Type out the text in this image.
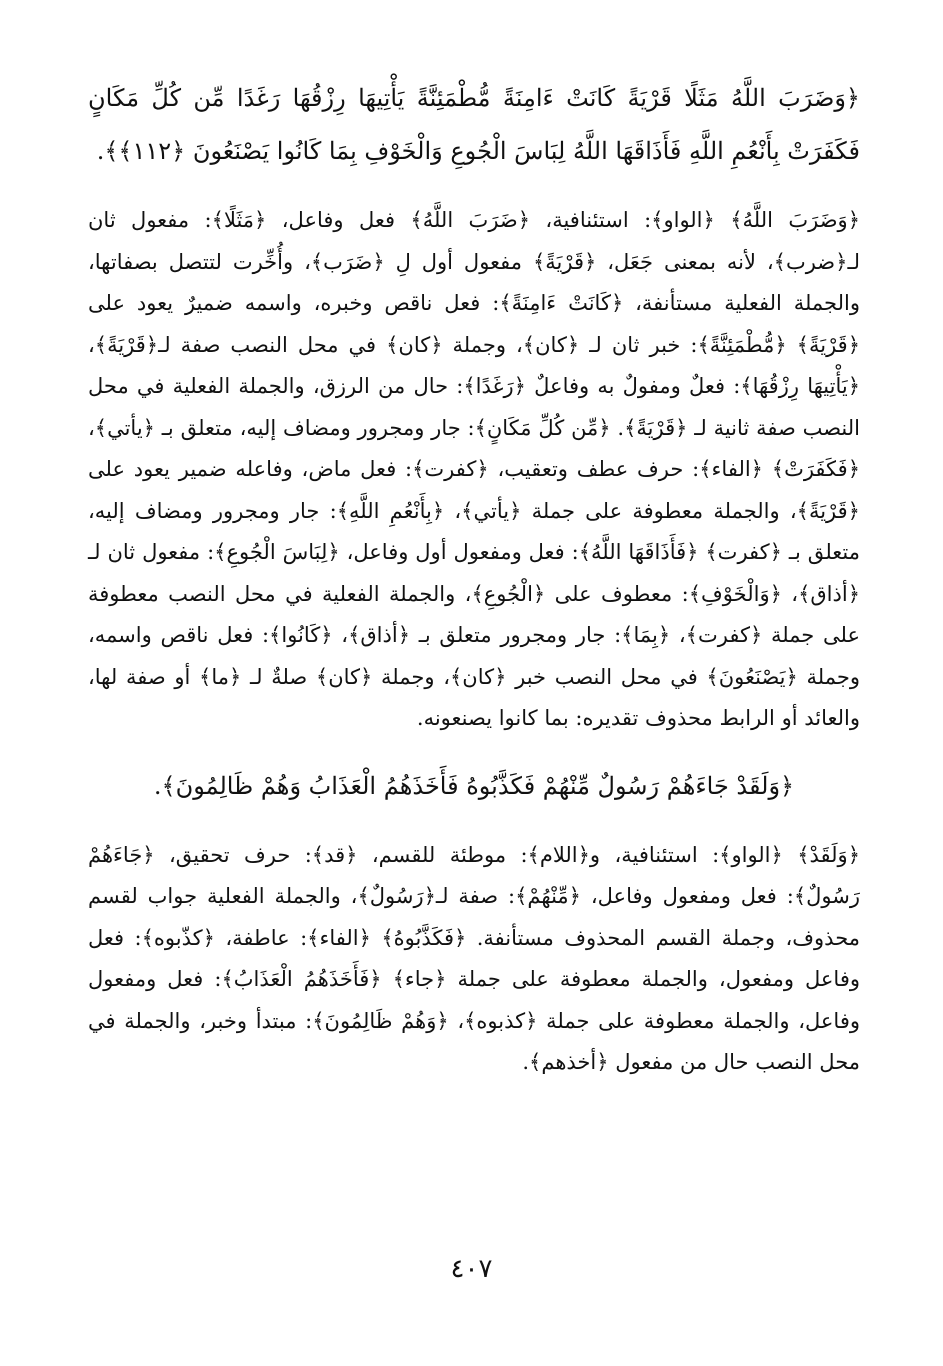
﴿وَضَرَبَ اللَّهُ مَثَلًا قَرْيَةً كَانَتْ ءَامِنَةً مُّطْمَئِنَّةً يَأْتِيهَا رِزْقُهَا رَغَدًا مِّن كُلِّ مَكَانٍ فَكَفَرَتْ بِأَنْعُمِ اللَّهِ فَأَذَاقَهَا اللَّهُ لِبَاسَ الْجُوعِ وَالْخَوْفِ بِمَا كَانُوا يَصْنَعُونَ ﴿١١٢﴾﴾.

﴿وَضَرَبَ اللَّهُ﴾ ﴿الواو﴾: استئنافية، ﴿ضَرَبَ اللَّهُ﴾ فعل وفاعل، ﴿مَثَلًا﴾: مفعول ثان لـ﴿ضرب﴾، لأنه بمعنى جَعَل، ﴿قَرْيَةً﴾ مفعول أول لِ ﴿ضَرَب﴾، وأُخِّرت لتتصل بصفاتها، والجملة الفعلية مستأنفة، ﴿كَانَتْ ءَامِنَةً﴾: فعل ناقص وخبره، واسمه ضميرٌ يعود على ﴿قَرْيَةً﴾ ﴿مُّطْمَئِنَّةً﴾: خبر ثان لـ ﴿كان﴾، وجملة ﴿كان﴾ في محل النصب صفة لـ﴿قَرْيَةً﴾، ﴿يَأْتِيهَا رِزْقُهَا﴾: فعلٌ ومفولٌ به وفاعلٌ ﴿رَغَدًا﴾: حال من الرزق، والجملة الفعلية في محل النصب صفة ثانية لـ ﴿قَرْيَةً﴾. ﴿مِّن كُلِّ مَكَانٍ﴾: جار ومجرور ومضاف إليه، متعلق بـ ﴿يأتي﴾، ﴿فَكَفَرَتْ﴾ ﴿الفاء﴾: حرف عطف وتعقيب، ﴿كفرت﴾: فعل ماض، وفاعله ضمير يعود على ﴿قَرْيَةً﴾، والجملة معطوفة على جملة ﴿يأتي﴾، ﴿بِأَنْعُمِ اللَّهِ﴾: جار ومجرور ومضاف إليه، متعلق بـ ﴿كفرت﴾ ﴿فَأَذَاقَهَا اللَّهُ﴾: فعل ومفعول أول وفاعل، ﴿لِبَاسَ الْجُوعِ﴾: مفعول ثان لـ ﴿أذاق﴾، ﴿وَالْخَوْفِ﴾: معطوف على ﴿الْجُوعِ﴾، والجملة الفعلية في محل النصب معطوفة على جملة ﴿كفرت﴾، ﴿بِمَا﴾: جار ومجرور متعلق بـ ﴿أذاق﴾، ﴿كَانُوا﴾: فعل ناقص واسمه، وجملة ﴿يَصْنَعُونَ﴾ في محل النصب خبر ﴿كان﴾، وجملة ﴿كان﴾ صلةٌ لـ ﴿ما﴾ أو صفة لها، والعائد أو الرابط محذوف تقديره: بما كانوا يصنعونه.

﴿وَلَقَدْ جَاءَهُمْ رَسُولٌ مِّنْهُمْ فَكَذَّبُوهُ فَأَخَذَهُمُ الْعَذَابُ وَهُمْ ظَالِمُونَ﴾.

﴿وَلَقَدْ﴾ ﴿الواو﴾: استئنافية، و﴿اللام﴾: موطئة للقسم، ﴿قد﴾: حرف تحقيق، ﴿جَاءَهُمْ رَسُولٌ﴾: فعل ومفعول وفاعل، ﴿مِّنْهُمْ﴾: صفة لـ﴿رَسُولٌ﴾، والجملة الفعلية جواب لقسم محذوف، وجملة القسم المحذوف مستأنفة. ﴿فَكَذَّبُوهُ﴾ ﴿الفاء﴾: عاطفة، ﴿كذّبوه﴾: فعل وفاعل ومفعول، والجملة معطوفة على جملة ﴿جاء﴾ ﴿فَأَخَذَهُمُ الْعَذَابُ﴾: فعل ومفعول وفاعل، والجملة معطوفة على جملة ﴿كذبوه﴾، ﴿وَهُمْ ظَالِمُونَ﴾: مبتدأ وخبر، والجملة في محل النصب حال من مفعول ﴿أخذهم﴾.

٤٠٧
